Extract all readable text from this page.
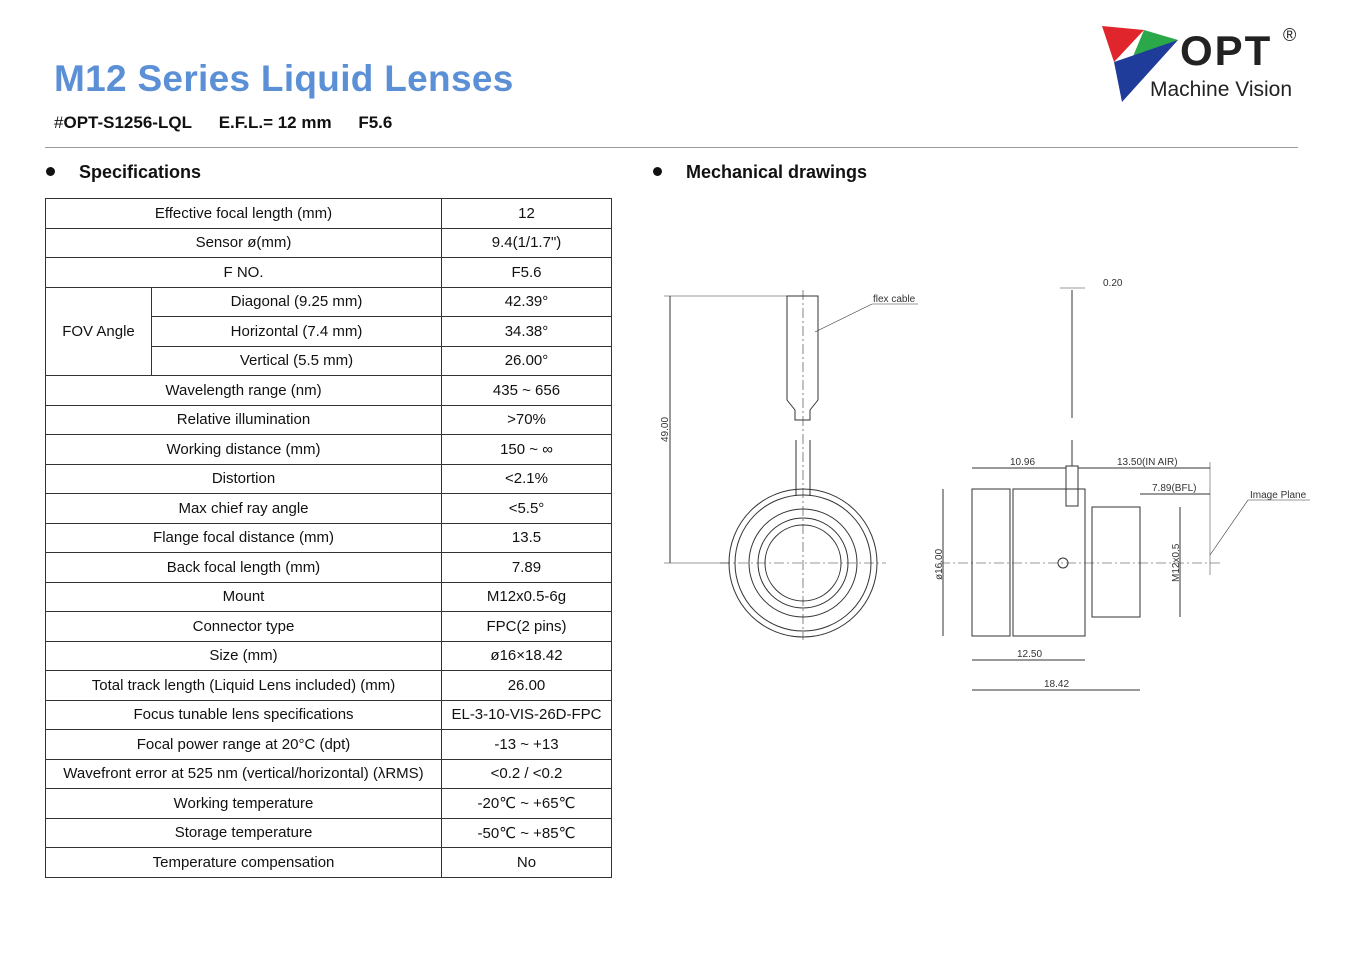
M12 Series Liquid Lenses
#OPT-S1256-LQL E.F.L.= 12 mm F5.6
OPT ®
Machine Vision
Specifications	Mechanical drawings
Effective focal length (mm)		12
Sensor ø(mm)		9.4(1/1.7")
F NO.		F5.6
FOV Angle	Diagonal (9.25 mm)	42.39°
	Horizontal (7.4 mm)	34.38°
	Vertical (5.5 mm)	26.00°
Wavelength range (nm)		435 ~ 656
Relative illumination		>70%
Working distance (mm)		150 ~ ∞
Distortion		<2.1%
Max chief ray angle		<5.5°
Flange focal distance (mm)		13.5
Back focal length (mm)		7.89
Mount		M12x0.5-6g
Connector type		FPC(2 pins)
Size (mm)		ø16×18.42
Total track length (Liquid Lens included) (mm)		26.00
Focus tunable lens specifications		EL-3-10-VIS-26D-FPC
Focal power range at 20°C (dpt)		-13 ~ +13
Wavefront error at 525 nm (vertical/horizontal) (λRMS)		<0.2 / <0.2
Working temperature		-20℃ ~ +65℃
Storage temperature		-50℃ ~ +85℃
Temperature compensation		No
flex cable
0.20
49.00
10.96	13.50(IN AIR)
7.89(BFL)
Image Plane
ø16.00	M12x0.5
12.50
18.42
